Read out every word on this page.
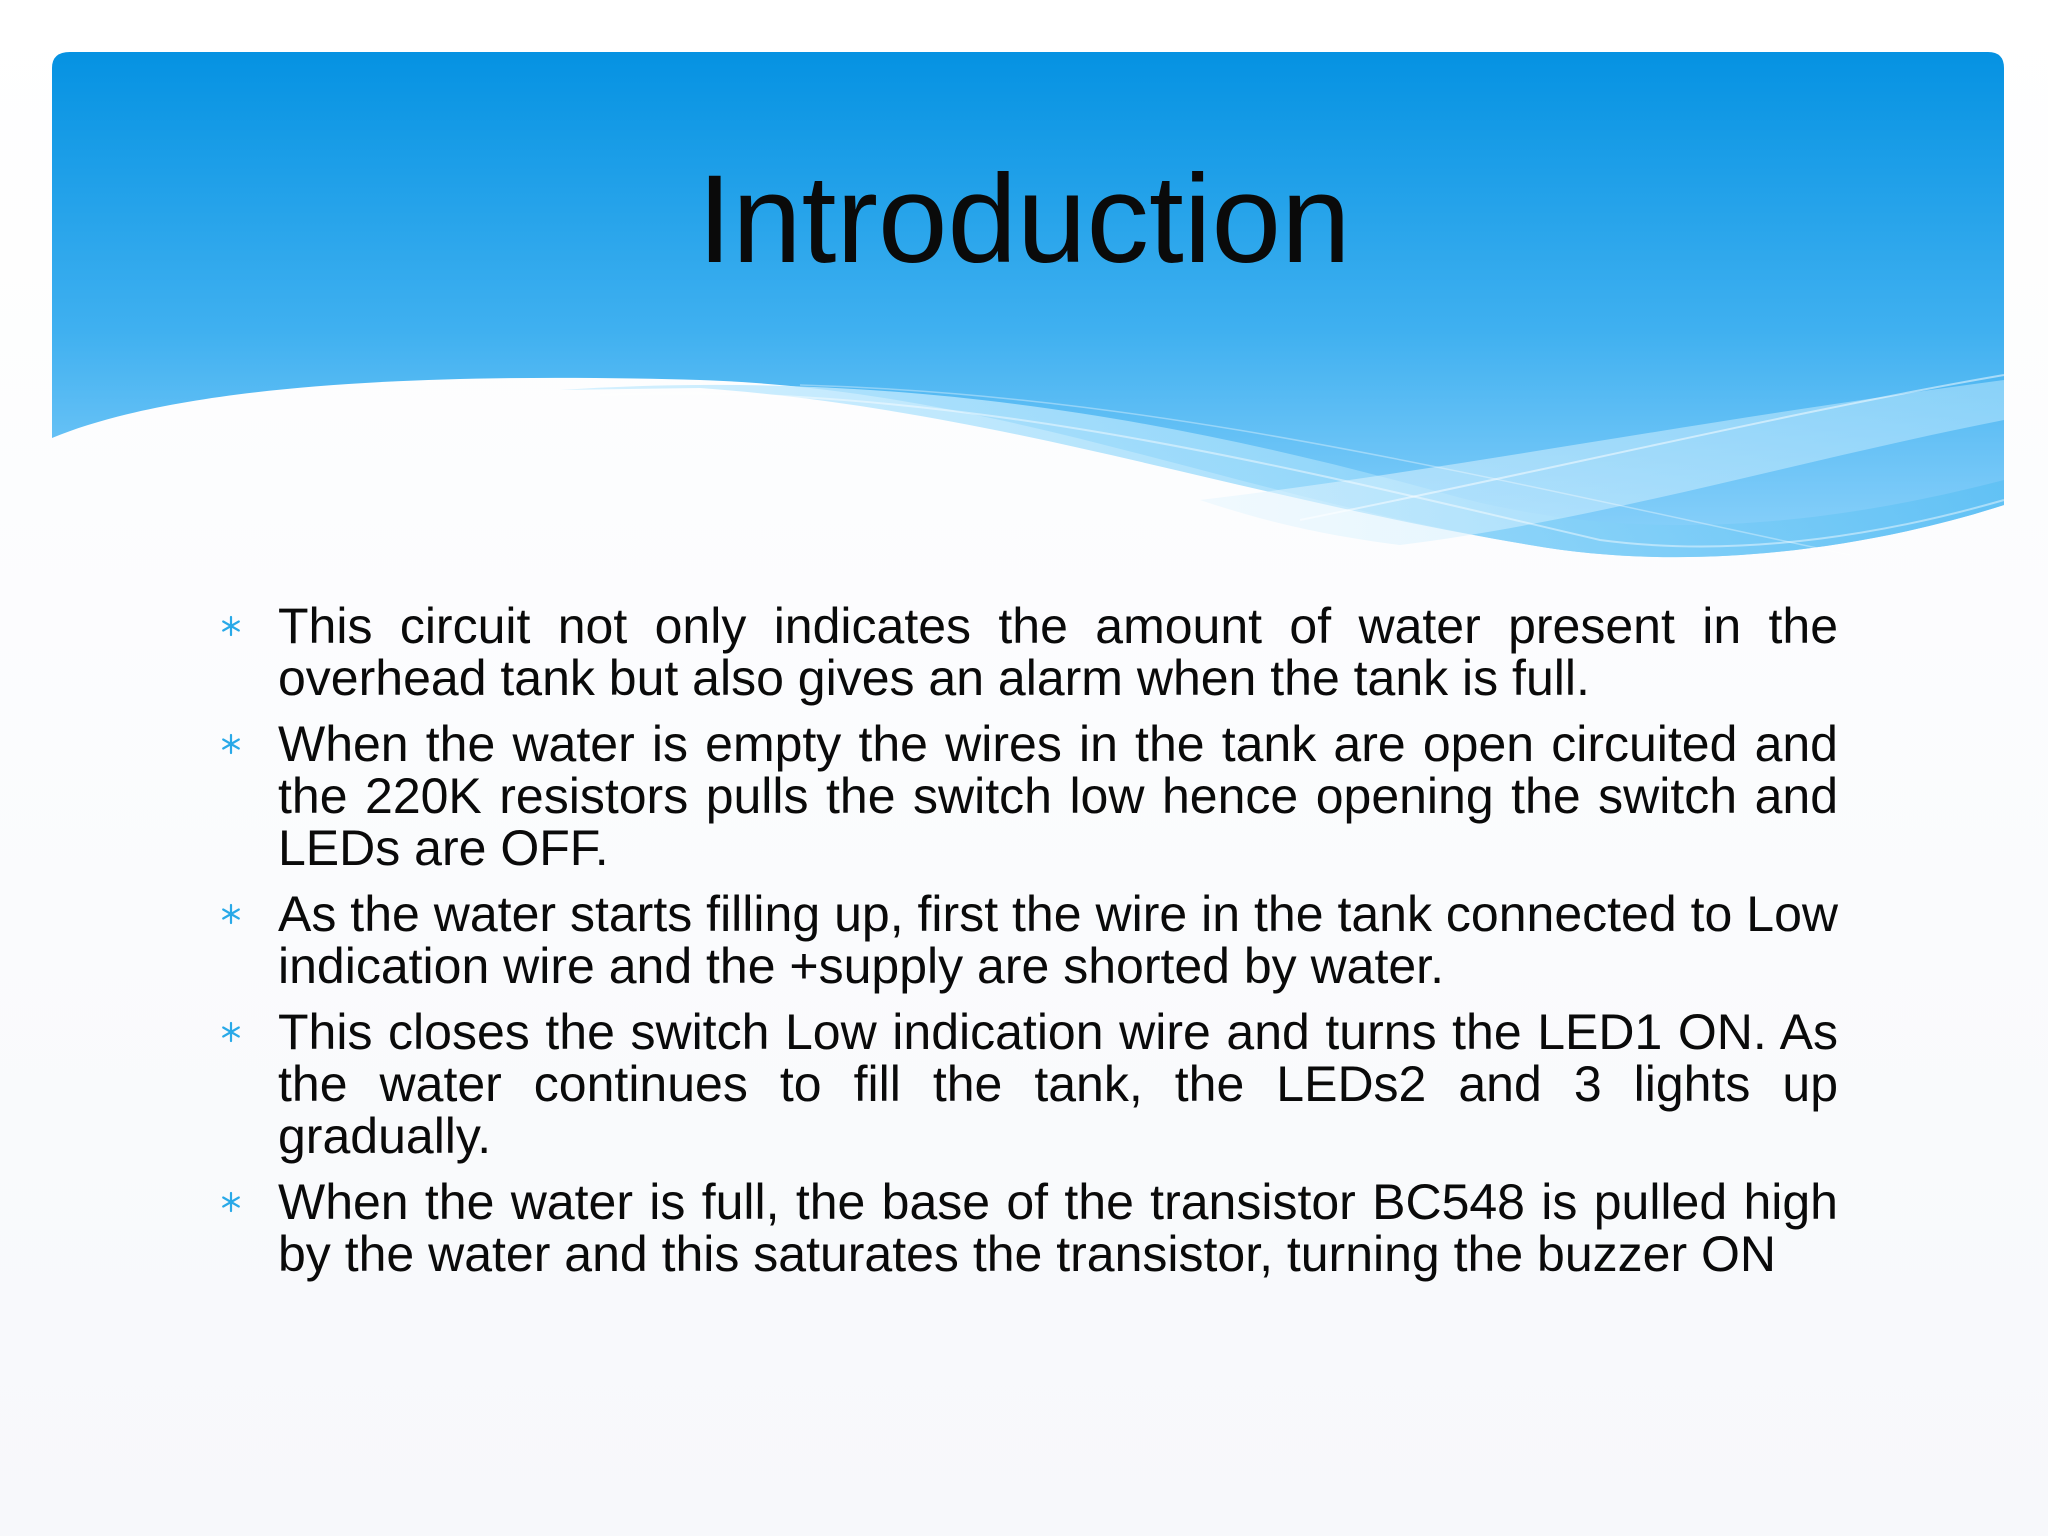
Introduction
This circuit not only indicates the amount of water present in the overhead tank but also gives an alarm when the tank is full.
When the water is empty the wires in the tank are open circuited and the 220K resistors pulls the switch low hence opening the switch and LEDs are OFF.
As the water starts filling up, first the wire in the tank connected to Low indication wire and the +supply are shorted by water.
This closes the switch Low indication wire and turns the LED1 ON. As the water continues to fill the tank, the LEDs2 and 3 lights up gradually.
When the water is full, the base of the transistor BC548 is pulled high by the water and this saturates the transistor, turning the buzzer ON
